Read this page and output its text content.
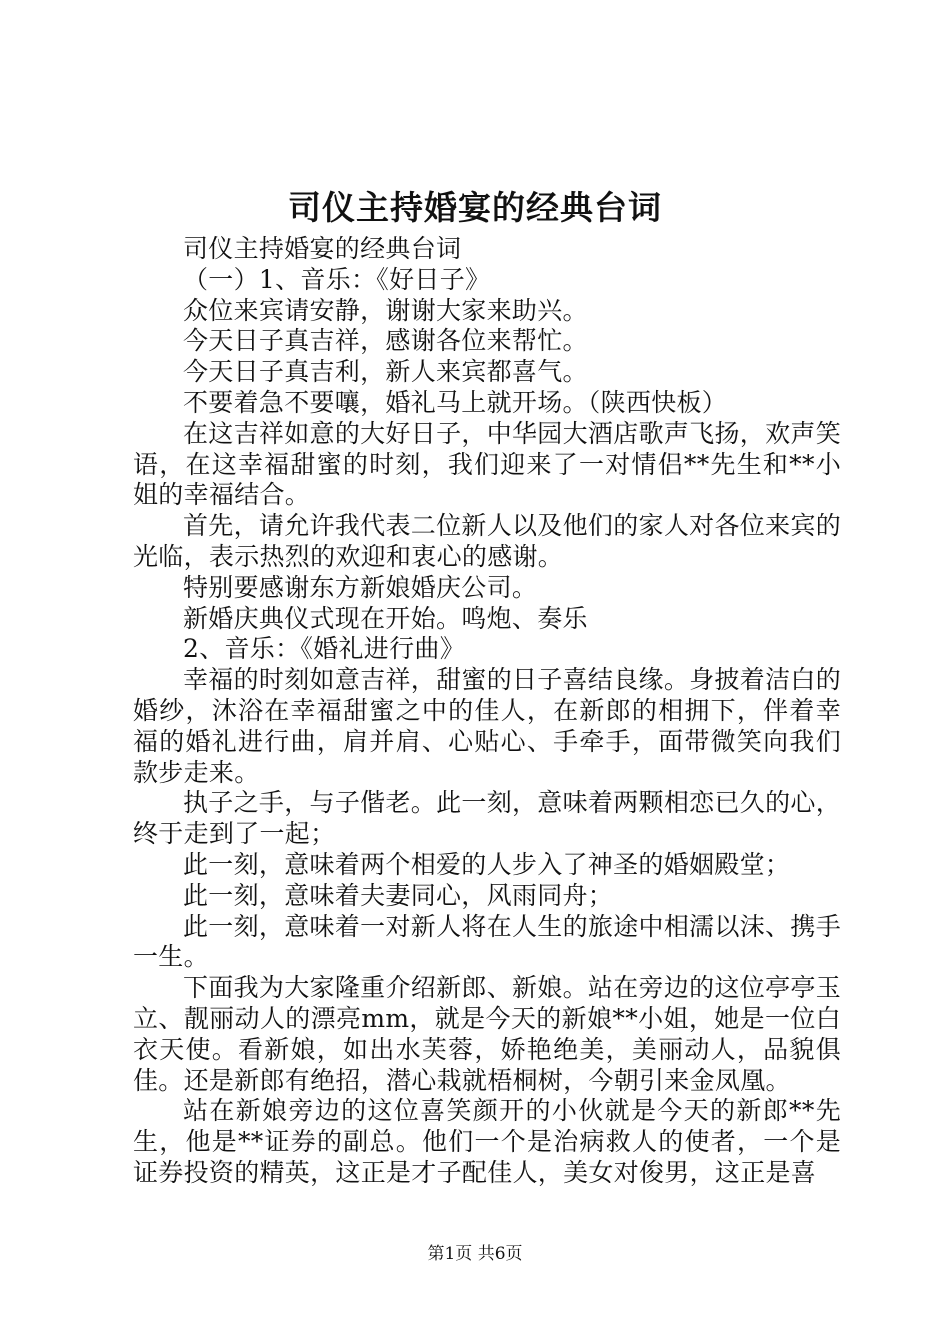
司仪主持婚宴的经典台词

司仪主持婚宴的经典台词

（一）1、音乐：《好日子》

众位来宾请安静，谢谢大家来助兴。

今天日子真吉祥，感谢各位来帮忙。

今天日子真吉利，新人来宾都喜气。

不要着急不要嚷，婚礼马上就开场。（陕西快板）

在这吉祥如意的大好日子，中华园大酒店歌声飞扬，欢声笑语，在这幸福甜蜜的时刻，我们迎来了一对情侣**先生和**小姐的幸福结合。

首先，请允许我代表二位新人以及他们的家人对各位来宾的光临，表示热烈的欢迎和衷心的感谢。

特别要感谢东方新娘婚庆公司。

新婚庆典仪式现在开始。鸣炮、奏乐

2、音乐：《婚礼进行曲》

幸福的时刻如意吉祥，甜蜜的日子喜结良缘。身披着洁白的婚纱，沐浴在幸福甜蜜之中的佳人，在新郎的相拥下，伴着幸福的婚礼进行曲，肩并肩、心贴心、手牵手，面带微笑向我们款步走来。

执子之手，与子偕老。此一刻，意味着两颗相恋已久的心，终于走到了一起；

此一刻，意味着两个相爱的人步入了神圣的婚姻殿堂；

此一刻，意味着夫妻同心，风雨同舟；

此一刻，意味着一对新人将在人生的旅途中相濡以沫、携手一生。

下面我为大家隆重介绍新郎、新娘。站在旁边的这位亭亭玉立、靓丽动人的漂亮mm，就是今天的新娘**小姐，她是一位白衣天使。看新娘，如出水芙蓉，娇艳绝美，美丽动人，品貌俱佳。还是新郎有绝招，潜心栽就梧桐树，今朝引来金凤凰。

站在新娘旁边的这位喜笑颜开的小伙就是今天的新郎**先生，他是**证券的副总。他们一个是治病救人的使者，一个是证券投资的精英，这正是才子配佳人，美女对俊男，这正是喜

第1页 共6页
